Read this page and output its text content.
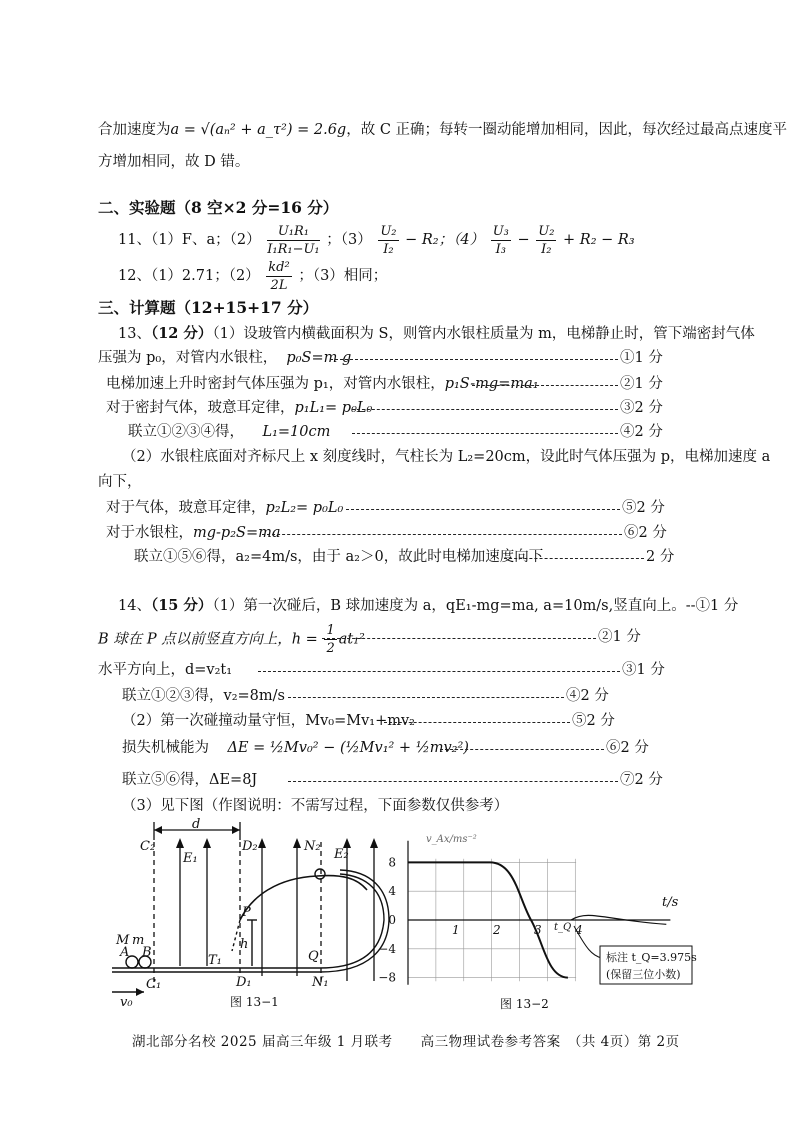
合加速度为a = √(aₙ² + a_τ²) = 2.6g，故 C 正确；每转一圈动能增加相同，因此，每次经过最高点速度平
方增加相同，故 D 错。
二、实验题（8 空×2 分=16 分）
11、（1）F、a；$(2) \frac{\text{U₁R₁}}{\text{I₁R₁−U₁}}$ ；$(3) \frac{\text{U₂}}{\text{I₂}} - R_2$；$(4) \frac{\text{U₃}}{\text{I₃}} - \frac{\text{U₂}}{\text{I₂}} + R_2 - R_3$
12、（1）2.71；$(2) \frac{\text{kd²}}{2L}$ ；（3）相同；
三、计算题（12+15+17 分）
13、（12 分）（1）设玻管内横截面积为 S，则管内水银柱质量为 m，电梯静止时，管下端密封气体
压强为 p₀，对管内水银柱， p₀S=m g	①1 分
电梯加速上升时密封气体压强为 p₁，对管内水银柱，p₁S-mg=ma₁	②1 分
对于密封气体，玻意耳定律，p₁L₁= p₀L₀	③2 分
联立①②③④得， L₁=10cm	④2 分
（2）水银柱底面对齐标尺上 x 刻度线时，气柱长为 L₂=20cm，设此时气体压强为 p，电梯加速度 a
向下，
对于气体，玻意耳定律，p₂L₂= p₀L₀	⑤2 分
对于水银柱，mg-p₂S=ma	⑥2 分
联立①⑤⑥得，a₂=4m/s，由于 a₂＞0，故此时电梯加速度向下	2 分
14、（15 分）（1）第一次碰后，B 球加速度为 a，qE₁-mg=ma, a=10m/s,竖直向上。--①1 分
B 球在 P 点以前竖直方向上，$h = \frac{1}{2} at_1^2$	②1 分
水平方向上，d=v₂t₁	③1 分
联立①②③得，v₂=8m/s	④2 分
（2）第一次碰撞动量守恒，Mv₀=Mv₁+mv₂	⑤2 分
损失机械能为 ΔE = ½Mv₀² − (½Mv₁² + ½mv₂²)	⑥2 分
联立⑤⑥得，ΔE=8J	⑦2 分
（3）见下图（作图说明：不需写过程，下面参数仅供参考）
d
C₂
E₁
D₂	N₂
E₂
P
h
M m
A B
T₁
D₁
Q
N₁
v₀
C₁
图 13−1
8
4
0
−4
−8
1	2	3	4
v_Ax/ms⁻²
t/s
t_Q
标注 t_Q=3.975s
(保留三位小数)
图 13−2
湖北部分名校 2025 届高三年级 1 月联考　　高三物理试卷参考答案　（共 4页）第 2页
